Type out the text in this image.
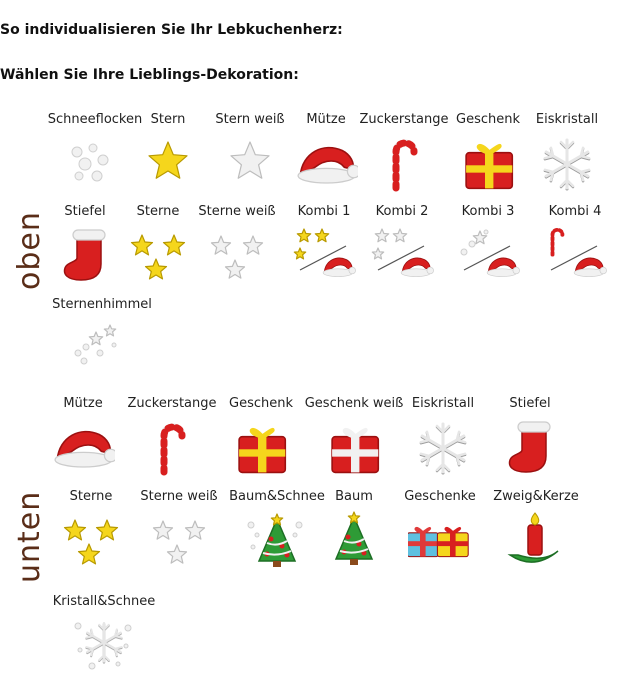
So individualisieren Sie Ihr Lebkuchenherz:
Wählen Sie Ihre Lieblings-Dekoration:
oben
unten
Schneeflocken Stern Stern weiß Mütze Zuckerstange Geschenk Eiskristall
Stiefel Sterne Sterne weiß Kombi 1 Kombi 2	Kombi 3	Kombi 4
Sternenhimmel
Mütze Zuckerstange Geschenk Geschenk weiß Eiskristall	Stiefel
Sterne Sterne weiß Baum&Schnee Baum Geschenke Zweig&Kerze
Kristall&Schnee
